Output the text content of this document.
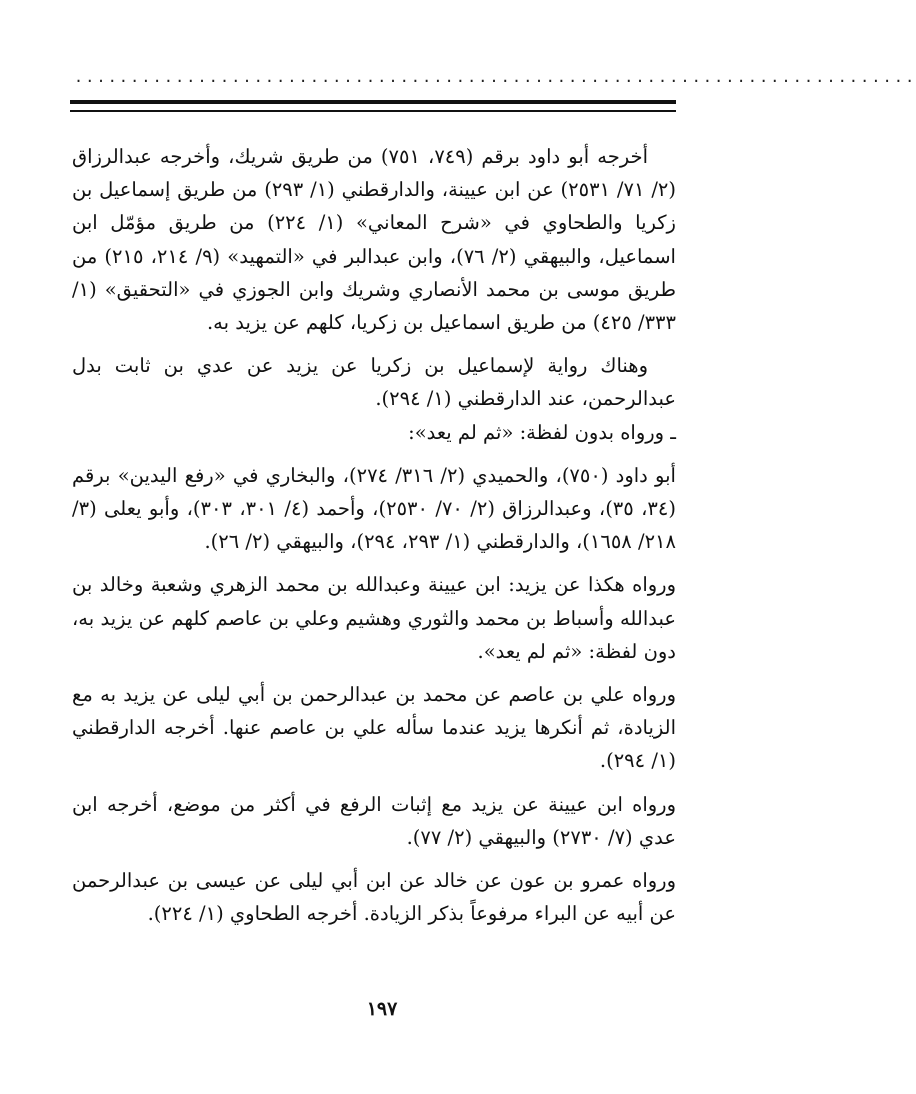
...........................................................................

أخرجه أبو داود برقم (٧٤٩، ٧٥١) من طريق شريك، وأخرجه عبدالرزاق (٢/ ٧١/ ٢٥٣١) عن ابن عيينة، والدارقطني (١/ ٢٩٣) من طريق إسماعيل بن زكريا والطحاوي في «شرح المعاني» (١/ ٢٢٤) من طريق مؤمّل ابن اسماعيل، والبيهقي (٢/ ٧٦)، وابن عبدالبر في «التمهيد» (٩/ ٢١٤، ٢١٥) من طريق موسى بن محمد الأنصاري وشريك وابن الجوزي في «التحقيق» (١/ ٣٣٣/ ٤٢٥) من طريق اسماعيل بن زكريا، كلهم عن يزيد به.

وهناك رواية لإسماعيل بن زكريا عن يزيد عن عدي بن ثابت بدل عبدالرحمن، عند الدارقطني (١/ ٢٩٤).

ـ ورواه بدون لفظة: «ثم لم يعد»:

أبو داود (٧٥٠)، والحميدي (٢/ ٣١٦/ ٢٧٤)، والبخاري في «رفع اليدين» برقم (٣٤، ٣٥)، وعبدالرزاق (٢/ ٧٠/ ٢٥٣٠)، وأحمد (٤/ ٣٠١، ٣٠٣)، وأبو يعلى (٣/ ٢١٨/ ١٦٥٨)، والدارقطني (١/ ٢٩٣، ٢٩٤)، والبيهقي (٢/ ٢٦).

ورواه هكذا عن يزيد: ابن عيينة وعبدالله بن محمد الزهري وشعبة وخالد بن عبدالله وأسباط بن محمد والثوري وهشيم وعلي بن عاصم كلهم عن يزيد به، دون لفظة: «ثم لم يعد».

ورواه علي بن عاصم عن محمد بن عبدالرحمن بن أبي ليلى عن يزيد به مع الزيادة، ثم أنكرها يزيد عندما سأله علي بن عاصم عنها. أخرجه الدارقطني (١/ ٢٩٤).

ورواه ابن عيينة عن يزيد مع إثبات الرفع في أكثر من موضع، أخرجه ابن عدي (٧/ ٢٧٣٠) والبيهقي (٢/ ٧٧).

ورواه عمرو بن عون عن خالد عن ابن أبي ليلى عن عيسى بن عبدالرحمن عن أبيه عن البراء مرفوعاً بذكر الزيادة. أخرجه الطحاوي (١/ ٢٢٤).

١٩٧
